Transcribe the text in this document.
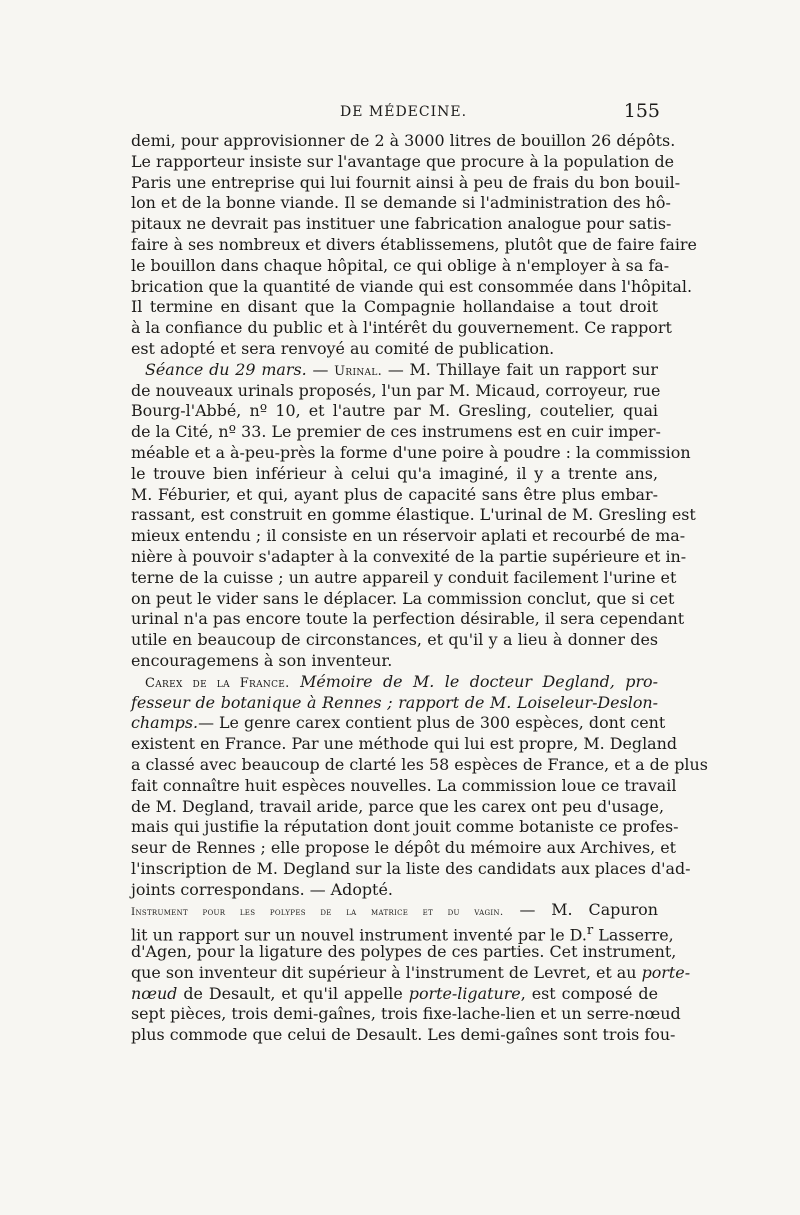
DE MÉDECINE.	155
demi, pour approvisionner de 2 à 3000 litres de bouillon 26 dépôts.
Le rapporteur insiste sur l'avantage que procure à la population de
Paris une entreprise qui lui fournit ainsi à peu de frais du bon bouil-
lon et de la bonne viande. Il se demande si l'administration des hô-
pitaux ne devrait pas instituer une fabrication analogue pour satis-
faire à ses nombreux et divers établissemens, plutôt que de faire faire
le bouillon dans chaque hôpital, ce qui oblige à n'employer à sa fa-
brication que la quantité de viande qui est consommée dans l'hôpital.
Il termine en disant que la Compagnie hollandaise a tout droit
à la confiance du public et à l'intérêt du gouvernement. Ce rapport
est adopté et sera renvoyé au comité de publication.
Séance du 29 mars. — Urinal. — M. Thillaye fait un rapport sur
de nouveaux urinals proposés, l'un par M. Micaud, corroyeur, rue
Bourg-l'Abbé, nº 10, et l'autre par M. Gresling, coutelier, quai
de la Cité, nº 33. Le premier de ces instrumens est en cuir imper-
méable et a à-peu-près la forme d'une poire à poudre : la commission
le trouve bien inférieur à celui qu'a imaginé, il y a trente ans,
M. Féburier, et qui, ayant plus de capacité sans être plus embar-
rassant, est construit en gomme élastique. L'urinal de M. Gresling est
mieux entendu ; il consiste en un réservoir aplati et recourbé de ma-
nière à pouvoir s'adapter à la convexité de la partie supérieure et in-
terne de la cuisse ; un autre appareil y conduit facilement l'urine et
on peut le vider sans le déplacer. La commission conclut, que si cet
urinal n'a pas encore toute la perfection désirable, il sera cependant
utile en beaucoup de circonstances, et qu'il y a lieu à donner des
encouragemens à son inventeur.
Carex de la France. Mémoire de M. le docteur Degland, pro-
fesseur de botanique à Rennes ; rapport de M. Loiseleur-Deslon-
champs.— Le genre carex contient plus de 300 espèces, dont cent
existent en France. Par une méthode qui lui est propre, M. Degland
a classé avec beaucoup de clarté les 58 espèces de France, et a de plus
fait connaître huit espèces nouvelles. La commission loue ce travail
de M. Degland, travail aride, parce que les carex ont peu d'usage,
mais qui justifie la réputation dont jouit comme botaniste ce profes-
seur de Rennes ; elle propose le dépôt du mémoire aux Archives, et
l'inscription de M. Degland sur la liste des candidats aux places d'ad-
joints correspondans. — Adopté.
Instrument pour les polypes de la matrice et du vagin. — M. Capuron
lit un rapport sur un nouvel instrument inventé par le D.$^r$ Lasserre,
d'Agen, pour la ligature des polypes de ces parties. Cet instrument,
que son inventeur dit supérieur à l'instrument de Levret, et au porte-
nœud de Desault, et qu'il appelle porte-ligature, est composé de
sept pièces, trois demi-gaînes, trois fixe-lache-lien et un serre-nœud
plus commode que celui de Desault. Les demi-gaînes sont trois fou-
